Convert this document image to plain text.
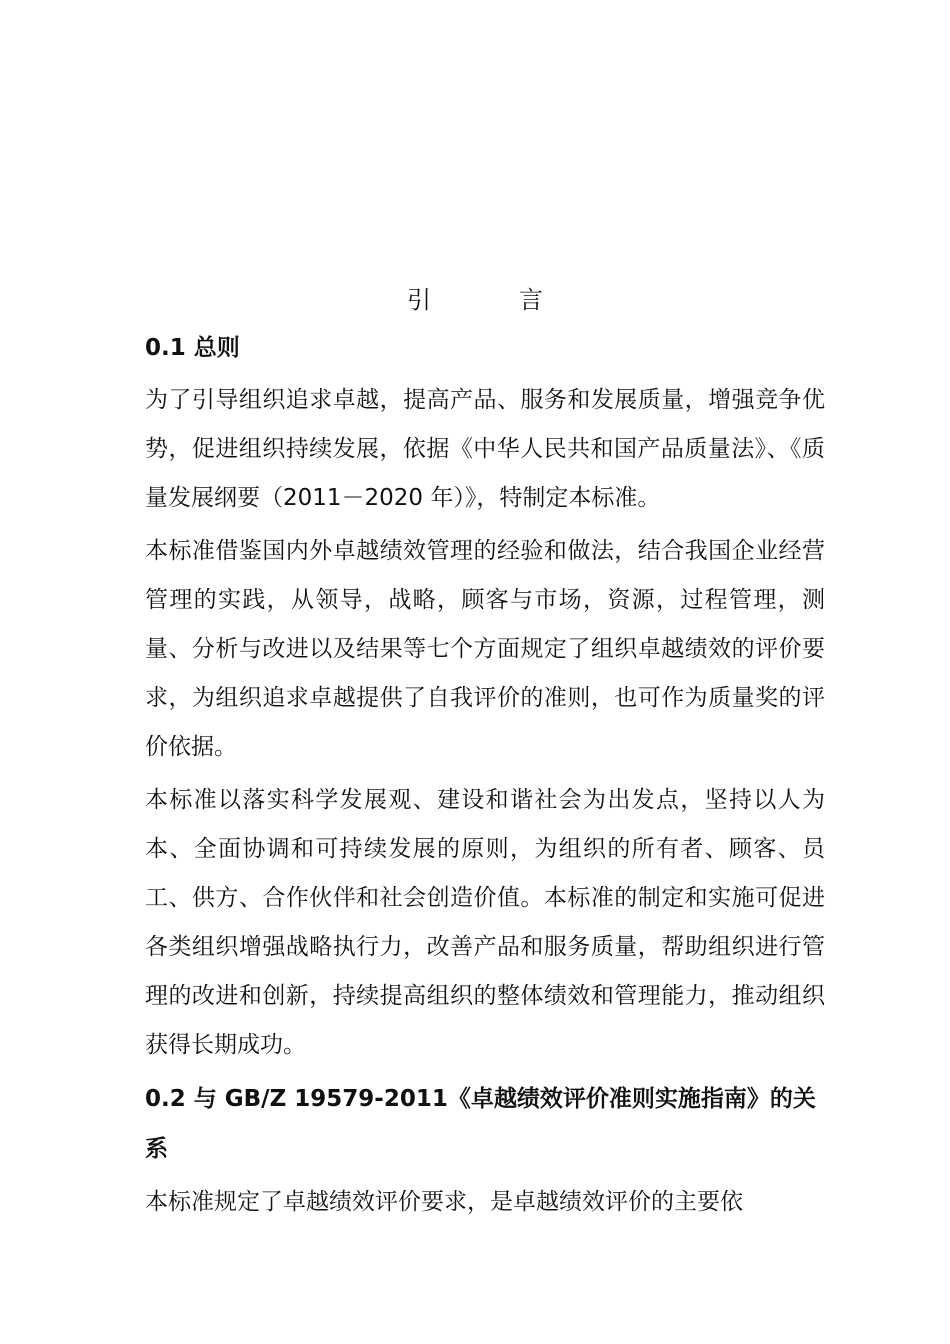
引	言
0.1 总则

为了引导组织追求卓越，提高产品、服务和发展质量，增强竞争优势，促进组织持续发展，依据《中华人民共和国产品质量法》、《质量发展纲要（2011－2020 年）》，特制定本标准。

本标准借鉴国内外卓越绩效管理的经验和做法，结合我国企业经营管理的实践，从领导，战略，顾客与市场，资源，过程管理，测量、分析与改进以及结果等七个方面规定了组织卓越绩效的评价要求，为组织追求卓越提供了自我评价的准则，也可作为质量奖的评价依据。

本标准以落实科学发展观、建设和谐社会为出发点，坚持以人为本、全面协调和可持续发展的原则，为组织的所有者、顾客、员工、供方、合作伙伴和社会创造价值。本标准的制定和实施可促进各类组织增强战略执行力，改善产品和服务质量，帮助组织进行管理的改进和创新，持续提高组织的整体绩效和管理能力，推动组织获得长期成功。

0.2 与 GB/Z 19579-2011《卓越绩效评价准则实施指南》的关系

本标准规定了卓越绩效评价要求，是卓越绩效评价的主要依
